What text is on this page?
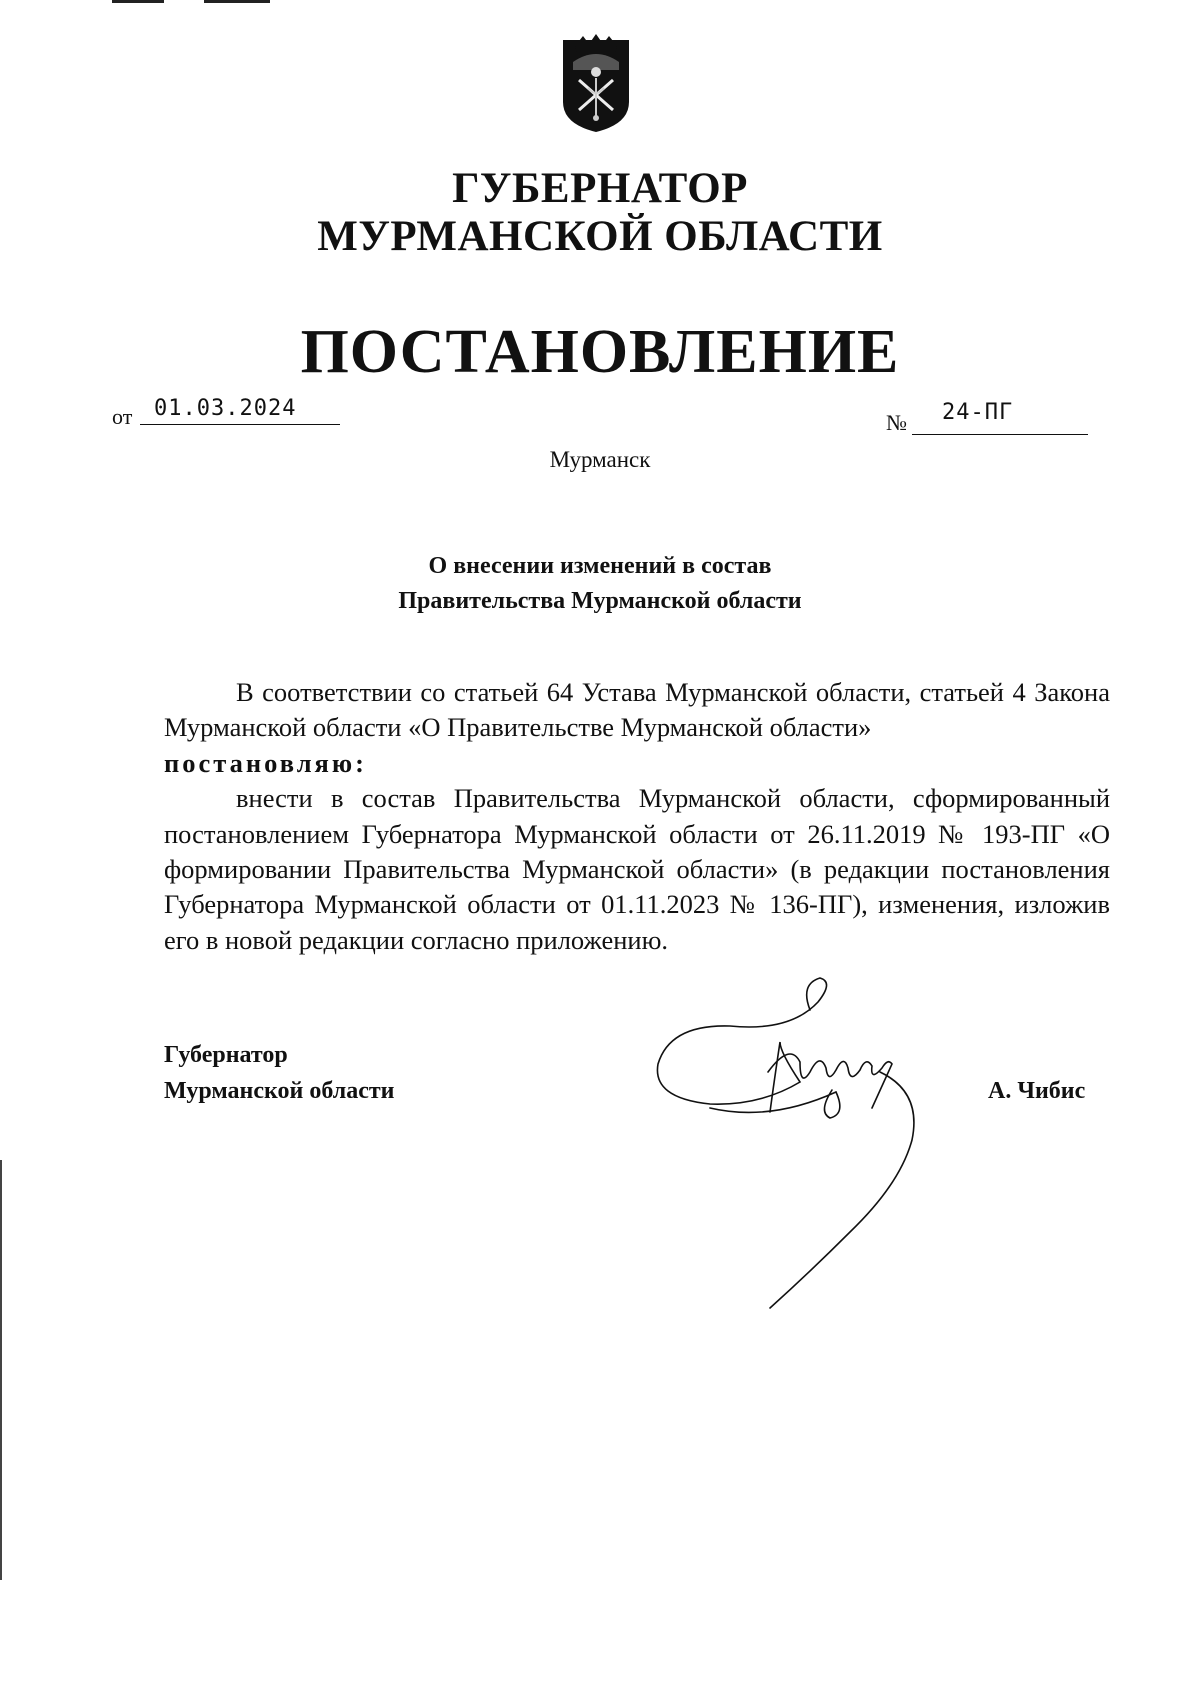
ГУБЕРНАТОР
МУРМАНСКОЙ ОБЛАСТИ
ПОСТАНОВЛЕНИЕ
от 01.03.2024
№ 24-ПГ
Мурманск
О внесении изменений в состав
Правительства Мурманской области

В соответствии со статьей 64 Устава Мурманской области, статьей 4 Закона Мурманской области «О Правительстве Мурманской области»

постановляю:

внести в состав Правительства Мурманской области, сформированный постановлением Губернатора Мурманской области от 26.11.2019 № 193-ПГ «О формировании Правительства Мурманской области» (в редакции постановления Губернатора Мурманской области от 01.11.2023 № 136-ПГ), изменения, изложив его в новой редакции согласно приложению.

Губернатор
Мурманской области	А. Чибис
